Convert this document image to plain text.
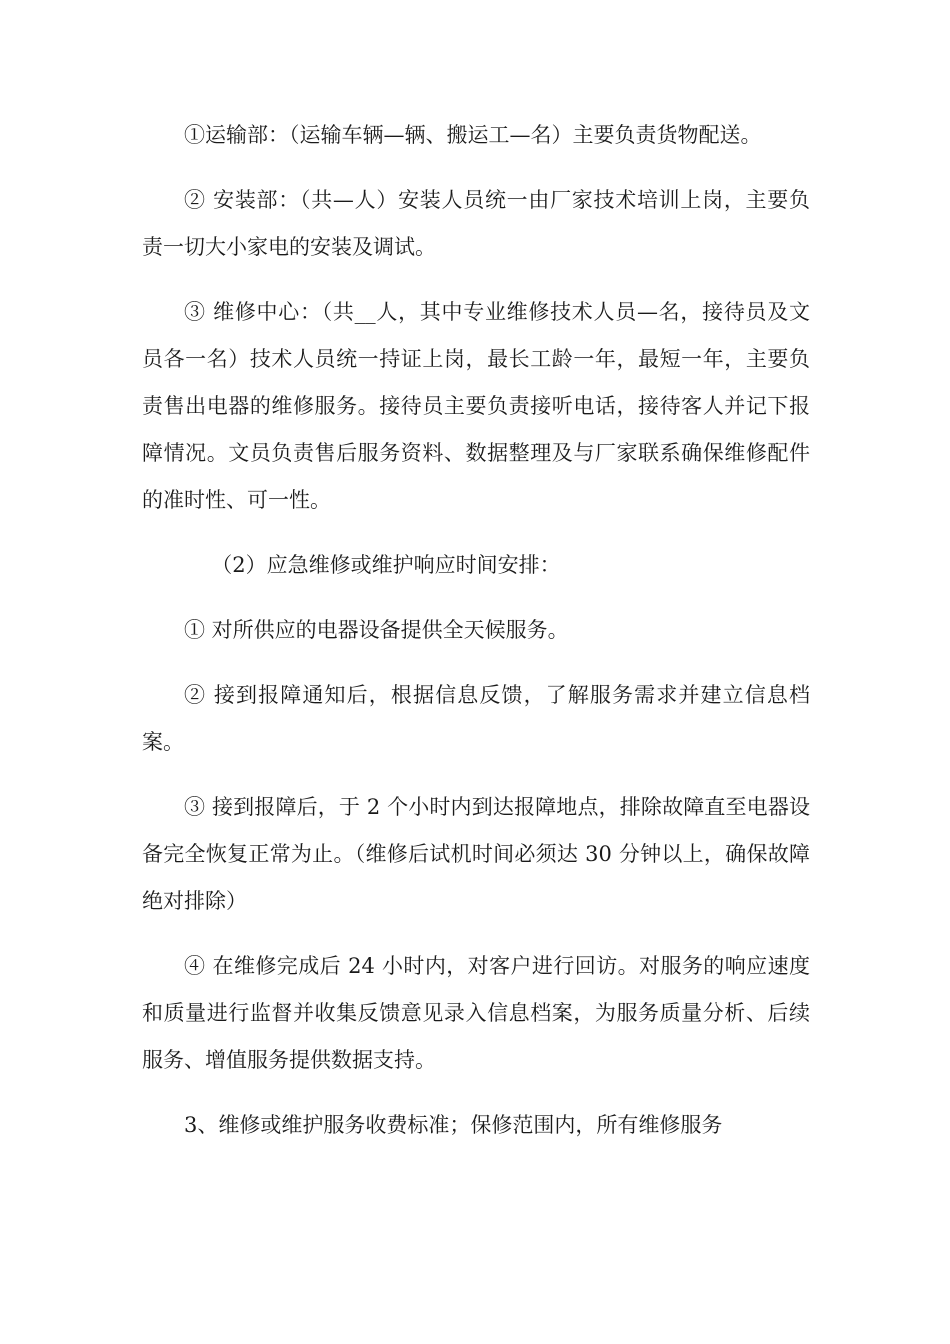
①运输部：（运输车辆—辆、搬运工—名）主要负责货物配送。

② 安装部：（共—人）安装人员统一由厂家技术培训上岗，主要负责一切大小家电的安装及调试。

③ 维修中心：（共__人，其中专业维修技术人员—名，接待员及文员各一名）技术人员统一持证上岗，最长工龄一年，最短一年，主要负责售出电器的维修服务。接待员主要负责接听电话，接待客人并记下报障情况。文员负责售后服务资料、数据整理及与厂家联系确保维修配件的准时性、可一性。

（2）应急维修或维护响应时间安排：

① 对所供应的电器设备提供全天候服务。

② 接到报障通知后，根据信息反馈，了解服务需求并建立信息档案。

③ 接到报障后，于 2 个小时内到达报障地点，排除故障直至电器设备完全恢复正常为止。（维修后试机时间必须达 30 分钟以上，确保故障绝对排除）

④ 在维修完成后 24 小时内，对客户进行回访。对服务的响应速度和质量进行监督并收集反馈意见录入信息档案，为服务质量分析、后续服务、增值服务提供数据支持。

3、维修或维护服务收费标准；保修范围内，所有维修服务
